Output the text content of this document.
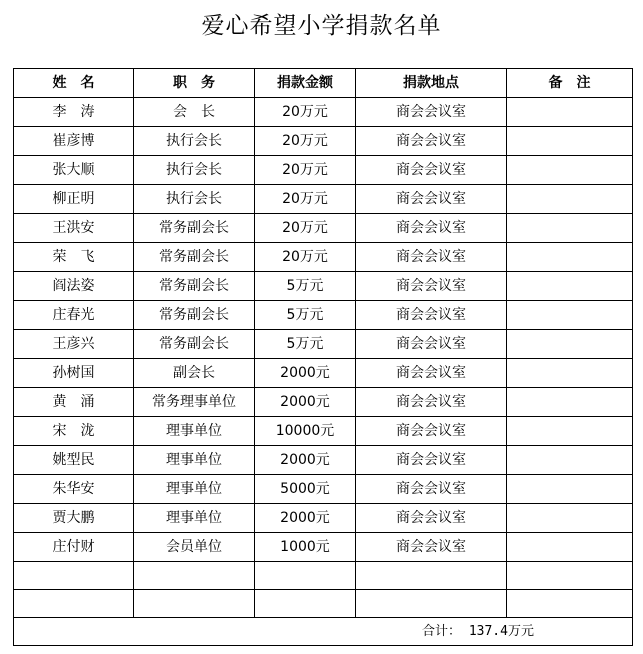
爱心希望小学捐款名单
姓　名	职　务	捐款金额	捐款地点	备　注
李　涛	会　长	20万元	商会会议室	
崔彦博	执行会长	20万元	商会会议室	
张大顺	执行会长	20万元	商会会议室	
柳正明	执行会长	20万元	商会会议室	
王洪安	常务副会长	20万元	商会会议室	
荣　飞	常务副会长	20万元	商会会议室	
阎法姿	常务副会长	5万元	商会会议室	
庄春光	常务副会长	5万元	商会会议室	
王彦兴	常务副会长	5万元	商会会议室	
孙树国	副会长	2000元	商会会议室	
黄　涌	常务理事单位	2000元	商会会议室	
宋　泷	理事单位	10000元	商会会议室	
姚型民	理事单位	2000元	商会会议室	
朱华安	理事单位	5000元	商会会议室	
贾大鹏	理事单位	2000元	商会会议室	
庄付财	会员单位	1000元	商会会议室	

合计： 137.4万元				
